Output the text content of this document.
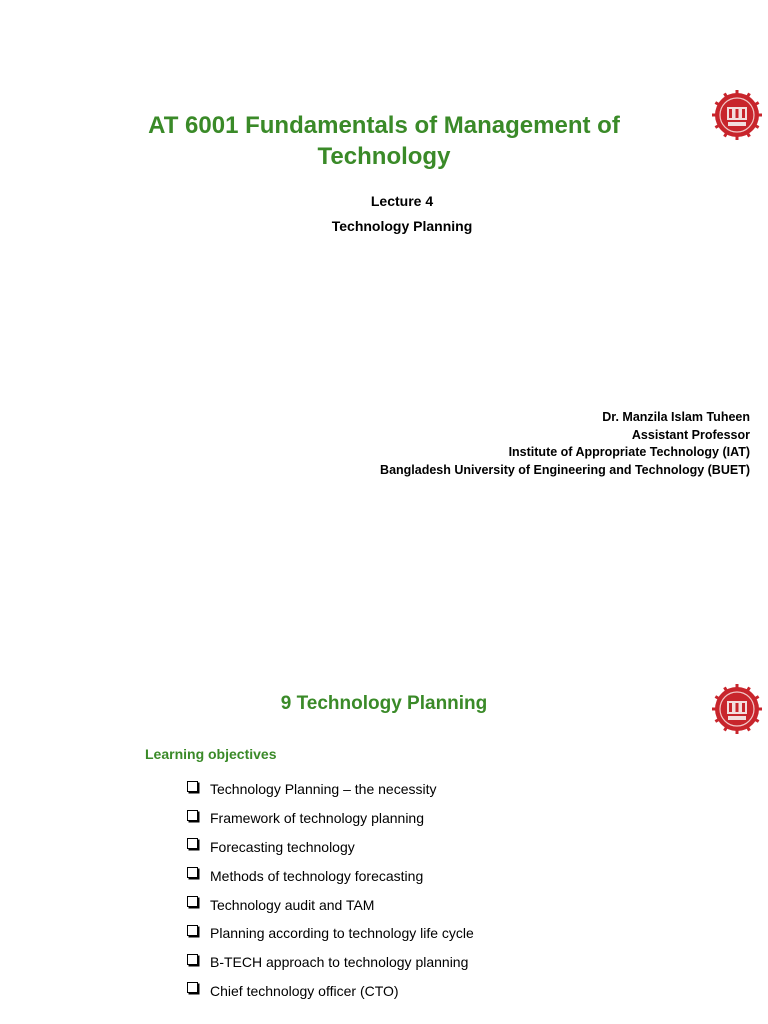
AT 6001 Fundamentals of Management of Technology

Lecture 4

Technology Planning

Dr. Manzila Islam Tuheen
Assistant Professor
Institute of Appropriate Technology (IAT)
Bangladesh University of Engineering and Technology (BUET)
9 Technology Planning
Learning objectives
Technology Planning – the necessity
Framework of technology planning
Forecasting technology
Methods of technology forecasting
Technology audit and TAM
Planning according to technology life cycle
B-TECH approach to technology planning
Chief technology officer (CTO)
